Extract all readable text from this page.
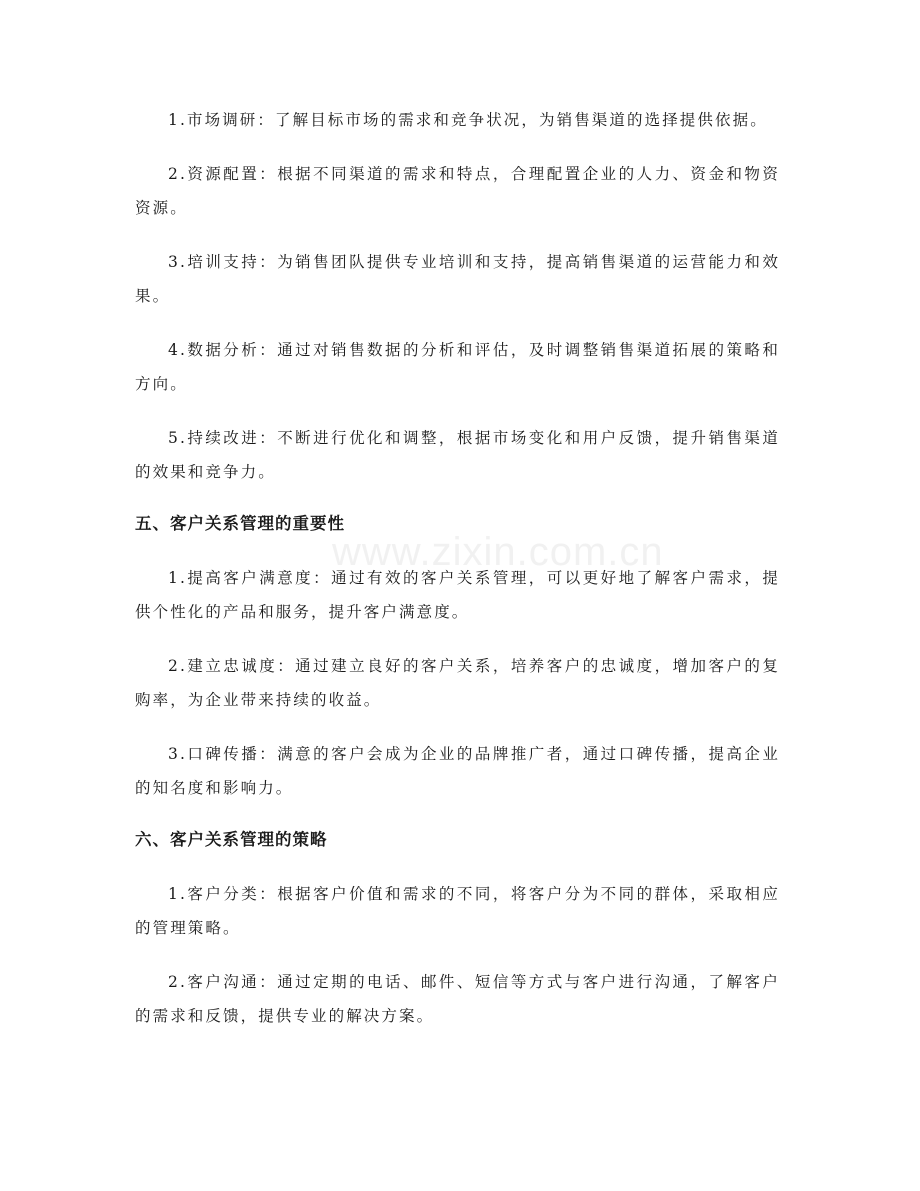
www.zixin.com.cn

1.市场调研：了解目标市场的需求和竞争状况，为销售渠道的选择提供依据。

2.资源配置：根据不同渠道的需求和特点，合理配置企业的人力、资金和物资资源。

3.培训支持：为销售团队提供专业培训和支持，提高销售渠道的运营能力和效果。

4.数据分析：通过对销售数据的分析和评估，及时调整销售渠道拓展的策略和方向。

5.持续改进：不断进行优化和调整，根据市场变化和用户反馈，提升销售渠道的效果和竞争力。

五、客户关系管理的重要性

1.提高客户满意度：通过有效的客户关系管理，可以更好地了解客户需求，提供个性化的产品和服务，提升客户满意度。

2.建立忠诚度：通过建立良好的客户关系，培养客户的忠诚度，增加客户的复购率，为企业带来持续的收益。

3.口碑传播：满意的客户会成为企业的品牌推广者，通过口碑传播，提高企业的知名度和影响力。

六、客户关系管理的策略

1.客户分类：根据客户价值和需求的不同，将客户分为不同的群体，采取相应的管理策略。

2.客户沟通：通过定期的电话、邮件、短信等方式与客户进行沟通，了解客户的需求和反馈，提供专业的解决方案。
